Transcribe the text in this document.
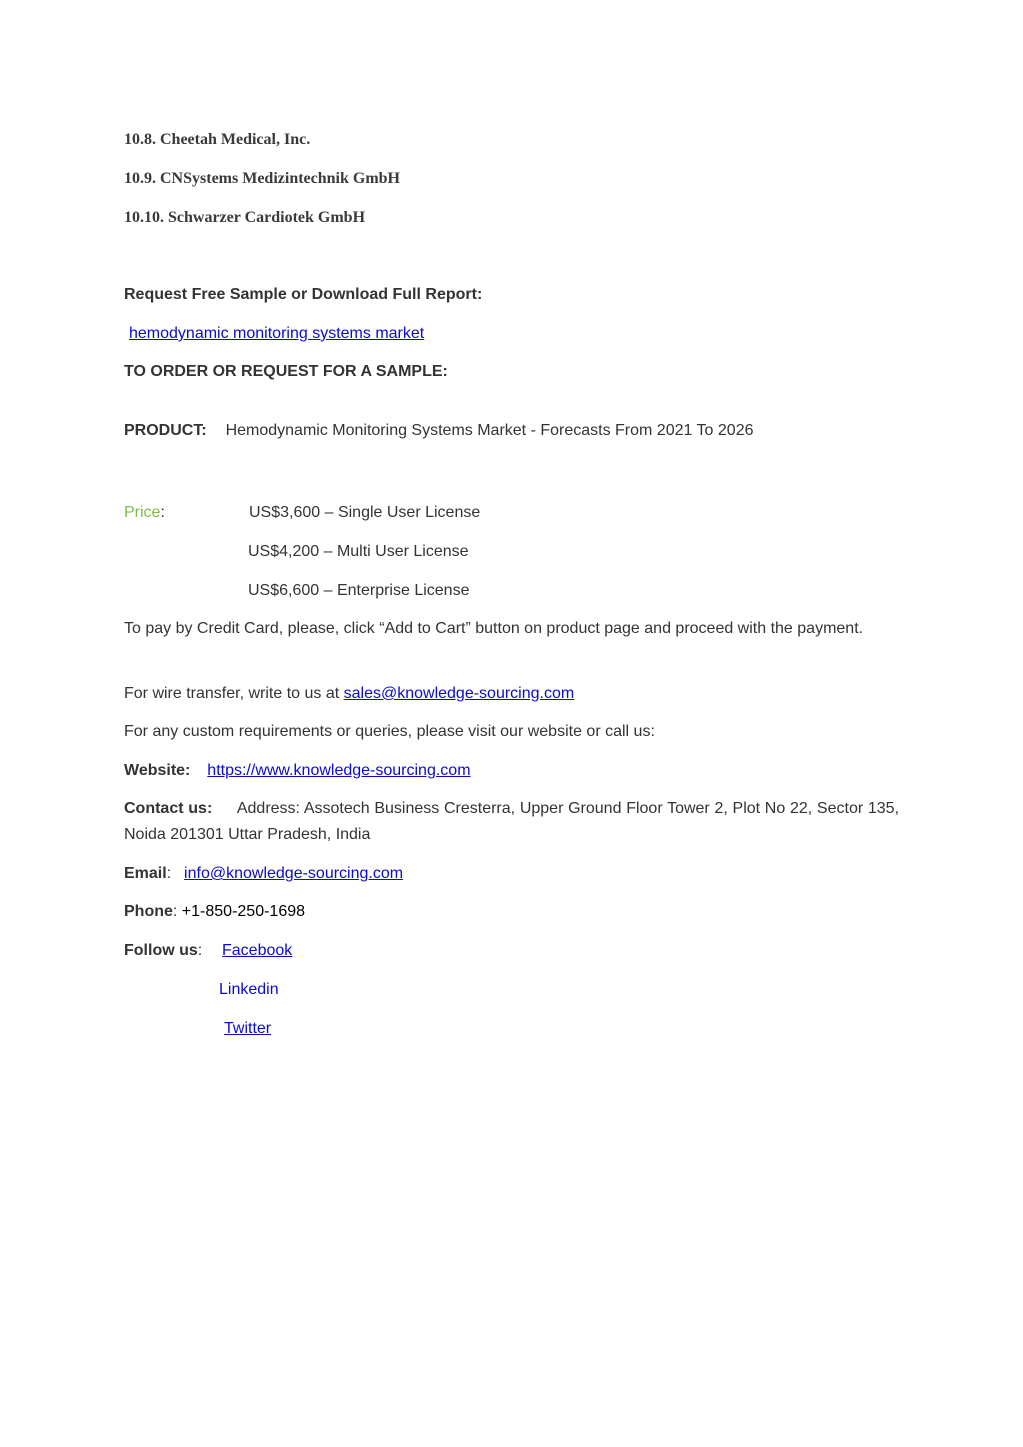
10.8. Cheetah Medical, Inc.
10.9. CNSystems Medizintechnik GmbH
10.10. Schwarzer Cardiotek GmbH
Request Free Sample or Download Full Report:
hemodynamic monitoring systems market
TO ORDER OR REQUEST FOR A SAMPLE:
PRODUCT: Hemodynamic Monitoring Systems Market - Forecasts From 2021 To 2026
Price:	US$3,600 – Single User License
US$4,200 – Multi User License
US$6,600 – Enterprise License
To pay by Credit Card, please, click “Add to Cart” button on product page and proceed with the payment.
For wire transfer, write to us at sales@knowledge-sourcing.com
For any custom requirements or queries, please visit our website or call us:
Website: https://www.knowledge-sourcing.com
Contact us: Address: Assotech Business Cresterra, Upper Ground Floor Tower 2, Plot No 22, Sector 135, Noida 201301 Uttar Pradesh, India
Email: info@knowledge-sourcing.com
Phone: +1-850-250-1698
Follow us: Facebook
Linkedin
Twitter
